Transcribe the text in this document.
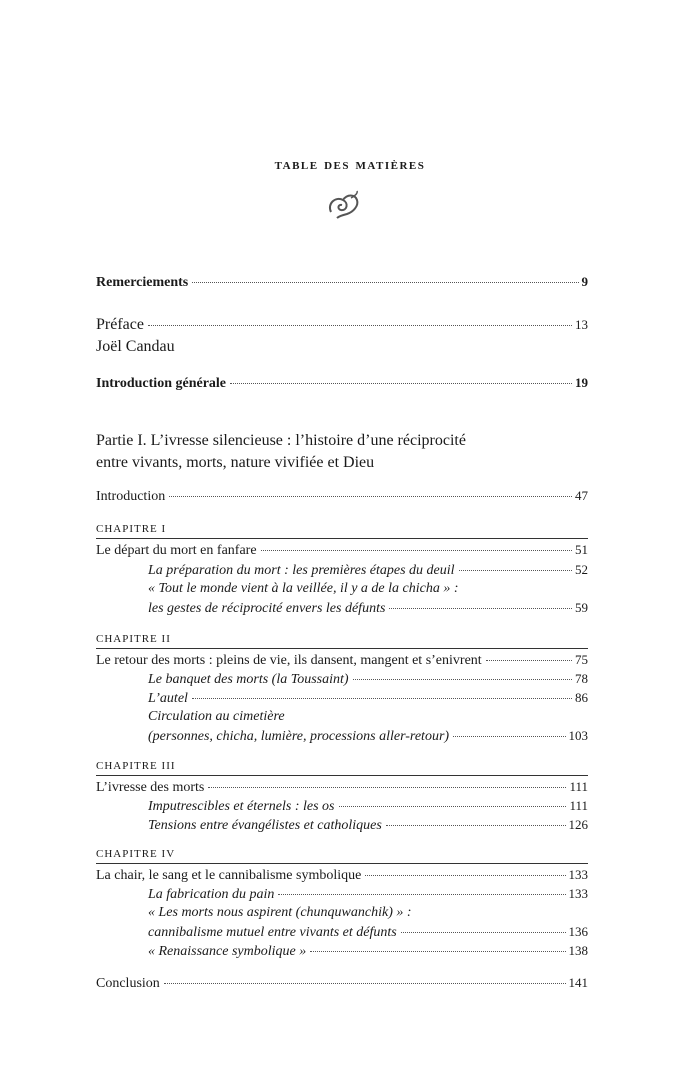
table des matières
Remerciements	9
Préface	13
Joël Candau
Introduction générale	19
Partie I. L’ivresse silencieuse : l’histoire d’une réciprocité
entre vivants, morts, nature vivifiée et Dieu
Introduction	47
CHAPITRE I
Le départ du mort en fanfare	51
La préparation du mort : les premières étapes du deuil	52
« Tout le monde vient à la veillée, il y a de la chicha » :
les gestes de réciprocité envers les défunts	59
CHAPITRE II
Le retour des morts : pleins de vie, ils dansent, mangent et s’enivrent	75
Le banquet des morts (la Toussaint)	78
L’autel	86
Circulation au cimetière
(personnes, chicha, lumière, processions aller-retour)	103
CHAPITRE III
L’ivresse des morts	111
Imputrescibles et éternels : les os	111
Tensions entre évangélistes et catholiques	126
CHAPITRE IV
La chair, le sang et le cannibalisme symbolique	133
La fabrication du pain	133
« Les morts nous aspirent (chunquwanchik) » :
cannibalisme mutuel entre vivants et défunts	136
« Renaissance symbolique »	138
Conclusion	141
